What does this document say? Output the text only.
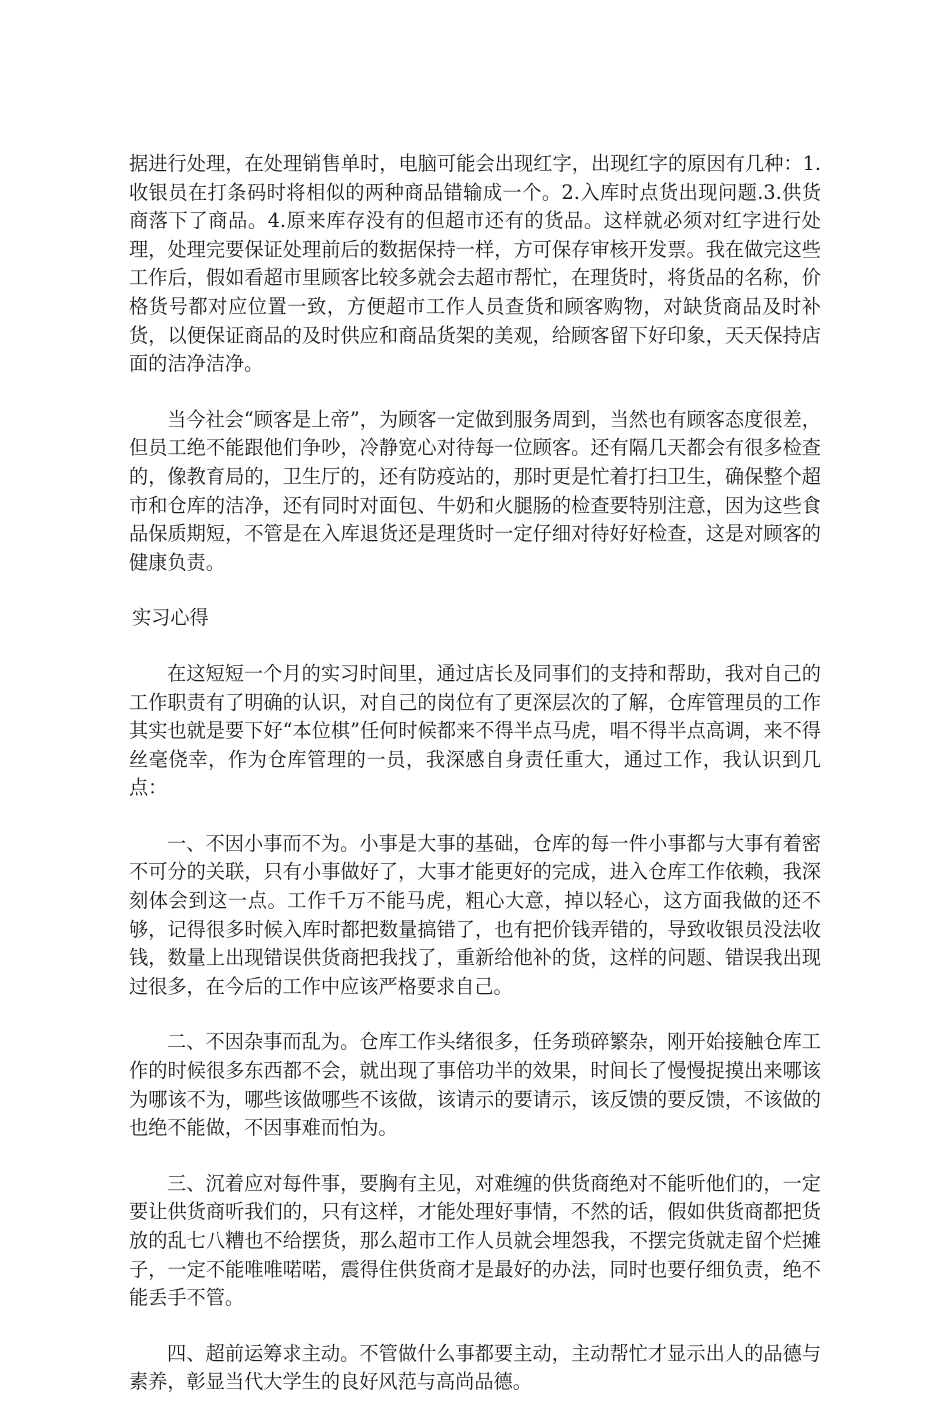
据进行处理，在处理销售单时，电脑可能会出现红字，出现红字的原因有几种：1.收银员在打条码时将相似的两种商品错输成一个。2.入库时点货出现问题.3.供货商落下了商品。4.原来库存没有的但超市还有的货品。这样就必须对红字进行处理，处理完要保证处理前后的数据保持一样，方可保存审核开发票。我在做完这些工作后，假如看超市里顾客比较多就会去超市帮忙，在理货时，将货品的名称，价格货号都对应位置一致，方便超市工作人员查货和顾客购物，对缺货商品及时补货，以便保证商品的及时供应和商品货架的美观，给顾客留下好印象，天天保持店面的洁净洁净。

当今社会“顾客是上帝”，为顾客一定做到服务周到，当然也有顾客态度很差，但员工绝不能跟他们争吵，冷静宽心对待每一位顾客。还有隔几天都会有很多检查的，像教育局的，卫生厅的，还有防疫站的，那时更是忙着打扫卫生，确保整个超市和仓库的洁净，还有同时对面包、牛奶和火腿肠的检查要特别注意，因为这些食品保质期短，不管是在入库退货还是理货时一定仔细对待好好检查，这是对顾客的健康负责。

实习心得

在这短短一个月的实习时间里，通过店长及同事们的支持和帮助，我对自己的工作职责有了明确的认识，对自己的岗位有了更深层次的了解，仓库管理员的工作其实也就是要下好“本位棋”任何时候都来不得半点马虎，唱不得半点高调，来不得丝毫侥幸，作为仓库管理的一员，我深感自身责任重大，通过工作，我认识到几点：

一、不因小事而不为。小事是大事的基础，仓库的每一件小事都与大事有着密不可分的关联，只有小事做好了，大事才能更好的完成，进入仓库工作依赖，我深刻体会到这一点。工作千万不能马虎，粗心大意，掉以轻心，这方面我做的还不够，记得很多时候入库时都把数量搞错了，也有把价钱弄错的，导致收银员没法收钱，数量上出现错误供货商把我找了，重新给他补的货，这样的问题、错误我出现过很多，在今后的工作中应该严格要求自己。

二、不因杂事而乱为。仓库工作头绪很多，任务琐碎繁杂，刚开始接触仓库工作的时候很多东西都不会，就出现了事倍功半的效果，时间长了慢慢捉摸出来哪该为哪该不为，哪些该做哪些不该做，该请示的要请示，该反馈的要反馈，不该做的也绝不能做，不因事难而怕为。

三、沉着应对每件事，要胸有主见，对难缠的供货商绝对不能听他们的，一定要让供货商听我们的，只有这样，才能处理好事情，不然的话，假如供货商都把货放的乱七八糟也不给摆货，那么超市工作人员就会埋怨我，不摆完货就走留个烂摊子，一定不能唯唯喏喏，震得住供货商才是最好的办法，同时也要仔细负责，绝不能丢手不管。

四、超前运筹求主动。不管做什么事都要主动，主动帮忙才显示出人的品德与素养，彰显当代大学生的良好风范与高尚品德。
